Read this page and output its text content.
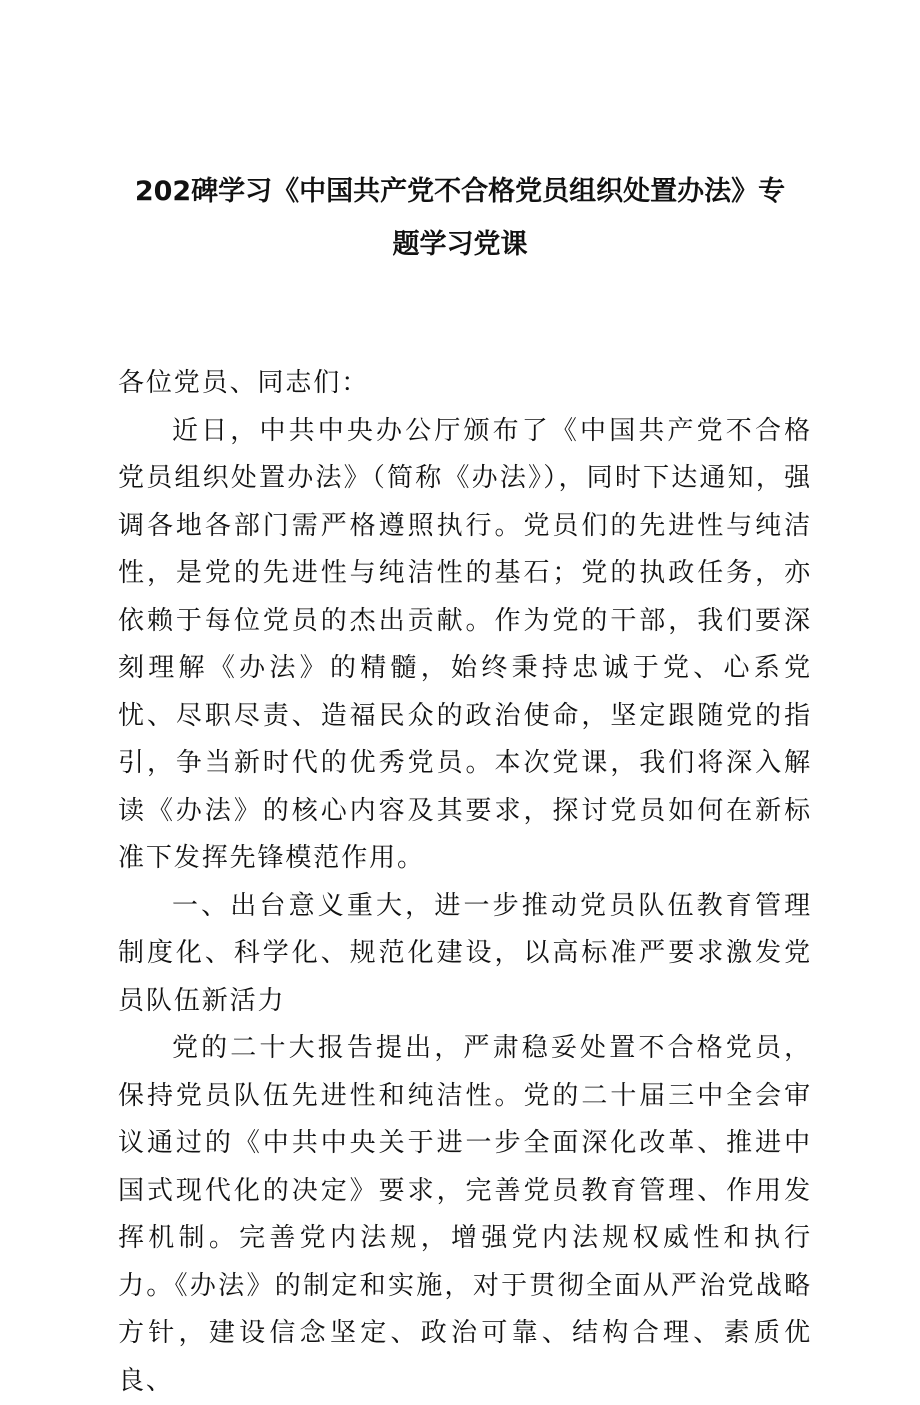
202碑学习《中国共产党不合格党员组织处置办法》专
题学习党课

各位党员、同志们：

近日，中共中央办公厅颁布了《中国共产党不合格党员组织处置办法》（简称《办法》），同时下达通知，强调各地各部门需严格遵照执行。党员们的先进性与纯洁性，是党的先进性与纯洁性的基石；党的执政任务，亦依赖于每位党员的杰出贡献。作为党的干部，我们要深刻理解《办法》的精髓，始终秉持忠诚于党、心系党忧、尽职尽责、造福民众的政治使命，坚定跟随党的指引，争当新时代的优秀党员。本次党课，我们将深入解读《办法》的核心内容及其要求，探讨党员如何在新标准下发挥先锋模范作用。

一、出台意义重大，进一步推动党员队伍教育管理制度化、科学化、规范化建设，以高标准严要求激发党员队伍新活力

党的二十大报告提出，严肃稳妥处置不合格党员，保持党员队伍先进性和纯洁性。党的二十届三中全会审议通过的《中共中央关于进一步全面深化改革、推进中国式现代化的决定》要求，完善党员教育管理、作用发挥机制。完善党内法规，增强党内法规权威性和执行力。《办法》的制定和实施，对于贯彻全面从严治党战略方针，建设信念坚定、政治可靠、结构合理、素质优良、
